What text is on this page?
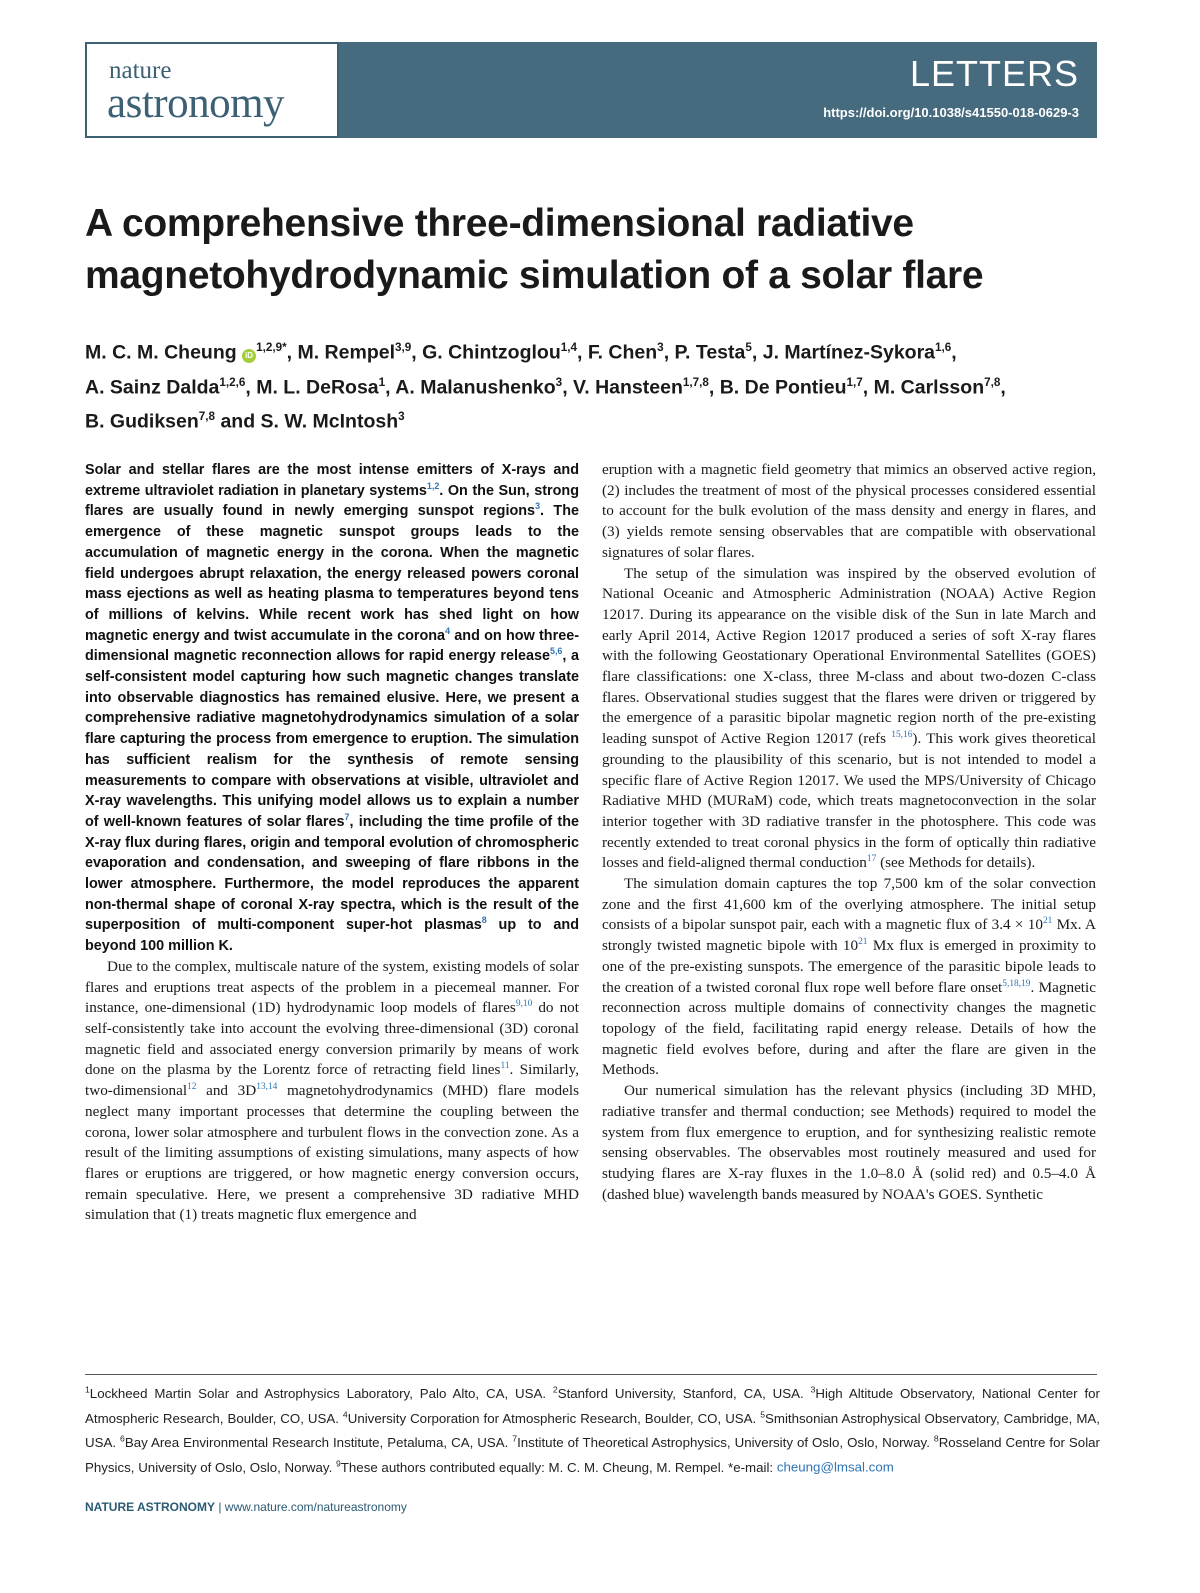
nature
astronomy
LETTERS
https://doi.org/10.1038/s41550-018-0629-3
A comprehensive three-dimensional radiative
magnetohydrodynamic simulation of a solar flare

M. C. M. Cheung $iD^{1,2,9*}$, M. Rempel$^{3,9}$, G. Chintzoglou$^{1,4}$, F. Chen$^3$, P. Testa$^5$, J. Martínez-Sykora$^{1,6}$,
A. Sainz Dalda$^{1,2,6}$, M. L. DeRosa$^1$, A. Malanushenko$^3$, V. Hansteen$^{1,7,8}$, B. De Pontieu$^{1,7}$, M. Carlsson$^{7,8}$,
B. Gudiksen$^{7,8}$ and S. W. McIntosh$^3$

Solar and stellar flares are the most intense emitters of X-rays and extreme ultraviolet radiation in planetary systems$^{1,2}$. On the Sun, strong flares are usually found in newly emerging sunspot regions$^3$. The emergence of these magnetic sunspot groups leads to the accumulation of magnetic energy in the corona. When the magnetic field undergoes abrupt relaxation, the energy released powers coronal mass ejections as well as heating plasma to temperatures beyond tens of millions of kelvins. While recent work has shed light on how magnetic energy and twist accumulate in the corona$^4$ and on how three-dimensional magnetic reconnection allows for rapid energy release$^{5,6}$, a self-consistent model capturing how such magnetic changes translate into observable diagnostics has remained elusive. Here, we present a comprehensive radiative magnetohydrodynamics simulation of a solar flare capturing the process from emergence to eruption. The simulation has sufficient realism for the synthesis of remote sensing measurements to compare with observations at visible, ultraviolet and X-ray wavelengths. This unifying model allows us to explain a number of well-known features of solar flares$^7$, including the time profile of the X-ray flux during flares, origin and temporal evolution of chromospheric evaporation and condensation, and sweeping of flare ribbons in the lower atmosphere. Furthermore, the model reproduces the apparent non-thermal shape of coronal X-ray spectra, which is the result of the superposition of multi-component super-hot plasmas$^8$ up to and beyond 100 million K.

Due to the complex, multiscale nature of the system, existing models of solar flares and eruptions treat aspects of the problem in a piecemeal manner. For instance, one-dimensional (1D) hydrodynamic loop models of flares$^{9,10}$ do not self-consistently take into account the evolving three-dimensional (3D) coronal magnetic field and associated energy conversion primarily by means of work done on the plasma by the Lorentz force of retracting field lines$^{11}$. Similarly, two-dimensional$^{12}$ and 3D$^{13,14}$ magnetohydrodynamics (MHD) flare models neglect many important processes that determine the coupling between the corona, lower solar atmosphere and turbulent flows in the convection zone. As a result of the limiting assumptions of existing simulations, many aspects of how flares or eruptions are triggered, or how magnetic energy conversion occurs, remain speculative. Here, we present a comprehensive 3D radiative MHD simulation that (1) treats magnetic flux emergence and

eruption with a magnetic field geometry that mimics an observed active region, (2) includes the treatment of most of the physical processes considered essential to account for the bulk evolution of the mass density and energy in flares, and (3) yields remote sensing observables that are compatible with observational signatures of solar flares.

The setup of the simulation was inspired by the observed evolution of National Oceanic and Atmospheric Administration (NOAA) Active Region 12017. During its appearance on the visible disk of the Sun in late March and early April 2014, Active Region 12017 produced a series of soft X-ray flares with the following Geostationary Operational Environmental Satellites (GOES) flare classifications: one X-class, three M-class and about two-dozen C-class flares. Observational studies suggest that the flares were driven or triggered by the emergence of a parasitic bipolar magnetic region north of the pre-existing leading sunspot of Active Region 12017 (refs $^{15,16}$). This work gives theoretical grounding to the plausibility of this scenario, but is not intended to model a specific flare of Active Region 12017. We used the MPS/University of Chicago Radiative MHD (MURaM) code, which treats magnetoconvection in the solar interior together with 3D radiative transfer in the photosphere. This code was recently extended to treat coronal physics in the form of optically thin radiative losses and field-aligned thermal conduction$^{17}$ (see Methods for details).

The simulation domain captures the top 7,500 km of the solar convection zone and the first 41,600 km of the overlying atmosphere. The initial setup consists of a bipolar sunspot pair, each with a magnetic flux of 3.4 × 10$^{21}$ Mx. A strongly twisted magnetic bipole with 10$^{21}$ Mx flux is emerged in proximity to one of the pre-existing sunspots. The emergence of the parasitic bipole leads to the creation of a twisted coronal flux rope well before flare onset$^{5,18,19}$. Magnetic reconnection across multiple domains of connectivity changes the magnetic topology of the field, facilitating rapid energy release. Details of how the magnetic field evolves before, during and after the flare are given in the Methods.

Our numerical simulation has the relevant physics (including 3D MHD, radiative transfer and thermal conduction; see Methods) required to model the system from flux emergence to eruption, and for synthesizing realistic remote sensing observables. The observables most routinely measured and used for studying flares are X-ray fluxes in the 1.0–8.0 Å (solid red) and 0.5–4.0 Å (dashed blue) wavelength bands measured by NOAA's GOES. Synthetic

$^1$Lockheed Martin Solar and Astrophysics Laboratory, Palo Alto, CA, USA. $^2$Stanford University, Stanford, CA, USA. $^3$High Altitude Observatory, National Center for Atmospheric Research, Boulder, CO, USA. $^4$University Corporation for Atmospheric Research, Boulder, CO, USA. $^5$Smithsonian Astrophysical Observatory, Cambridge, MA, USA. $^6$Bay Area Environmental Research Institute, Petaluma, CA, USA. $^7$Institute of Theoretical Astrophysics, University of Oslo, Oslo, Norway. $^8$Rosseland Centre for Solar Physics, University of Oslo, Oslo, Norway. $^9$These authors contributed equally: M. C. M. Cheung, M. Rempel. *e-mail: cheung@lmsal.com

NATURE ASTRONOMY | www.nature.com/natureastronomy
